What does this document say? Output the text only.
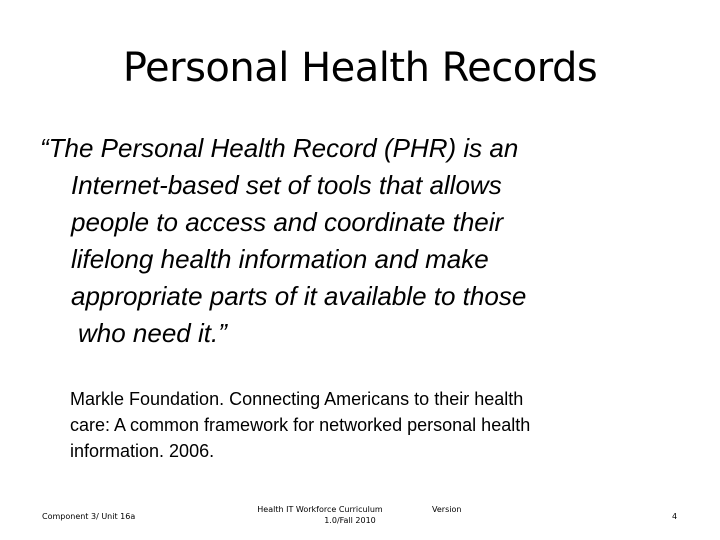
Personal Health Records
“The Personal Health Record (PHR) is an
Internet-based set of tools that allows
people to access and coordinate their
lifelong health information and make
appropriate parts of it available to those
who need it.”
Markle Foundation. Connecting Americans to their health
care: A common framework for networked personal health
information. 2006.
Component 3/ Unit 16a
Health IT Workforce Curriculum
1.0/Fall 2010
Version
4
